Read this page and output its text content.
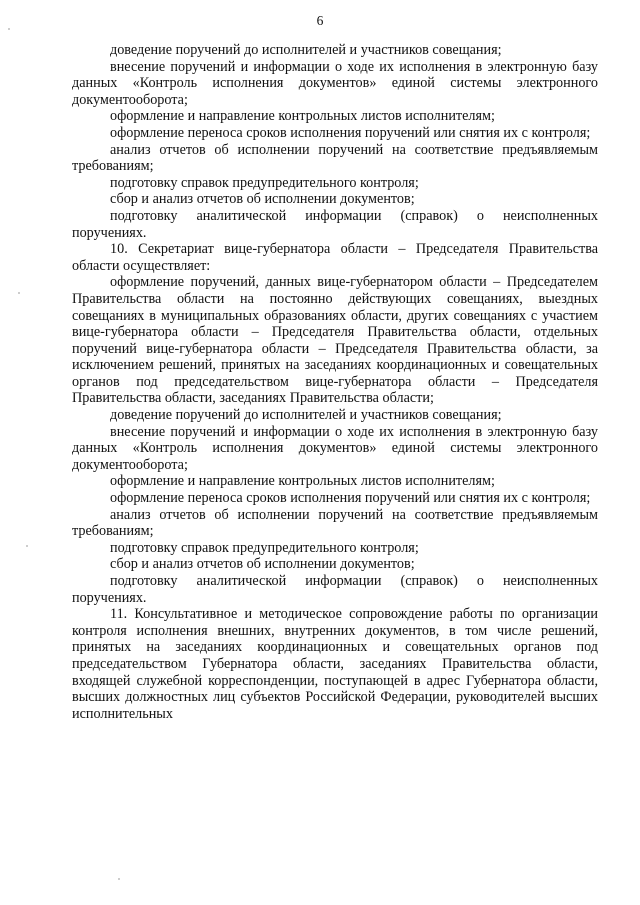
6

доведение поручений до исполнителей и участников совещания;

внесение поручений и информации о ходе их исполнения в электронную базу данных «Контроль исполнения документов» единой системы электронного документооборота;

оформление и направление контрольных листов исполнителям;

оформление переноса сроков исполнения поручений или снятия их с контроля;

анализ отчетов об исполнении поручений на соответствие предъявляемым требованиям;

подготовку справок предупредительного контроля;

сбор и анализ отчетов об исполнении документов;

подготовку аналитической информации (справок) о неисполненных поручениях.

10. Секретариат вице-губернатора области – Председателя Правительства области осуществляет:

оформление поручений, данных вице-губернатором области – Председателем Правительства области на постоянно действующих совещаниях, выездных совещаниях в муниципальных образованиях области, других совещаниях с участием вице-губернатора области – Председателя Правительства области, отдельных поручений вице-губернатора области – Председателя Правительства области, за исключением решений, принятых на заседаниях координационных и совещательных органов под председательством вице-губернатора области – Председателя Правительства области, заседаниях Правительства области;

доведение поручений до исполнителей и участников совещания;

внесение поручений и информации о ходе их исполнения в электронную базу данных «Контроль исполнения документов» единой системы электронного документооборота;

оформление и направление контрольных листов исполнителям;

оформление переноса сроков исполнения поручений или снятия их с контроля;

анализ отчетов об исполнении поручений на соответствие предъявляемым требованиям;

подготовку справок предупредительного контроля;

сбор и анализ отчетов об исполнении документов;

подготовку аналитической информации (справок) о неисполненных поручениях.

11. Консультативное и методическое сопровождение работы по организации контроля исполнения внешних, внутренних документов, в том числе решений, принятых на заседаниях координационных и совещательных органов под председательством Губернатора области, заседаниях Правительства области, входящей служебной корреспонденции, поступающей в адрес Губернатора области, высших должностных лиц субъектов Российской Федерации, руководителей высших исполнительных
